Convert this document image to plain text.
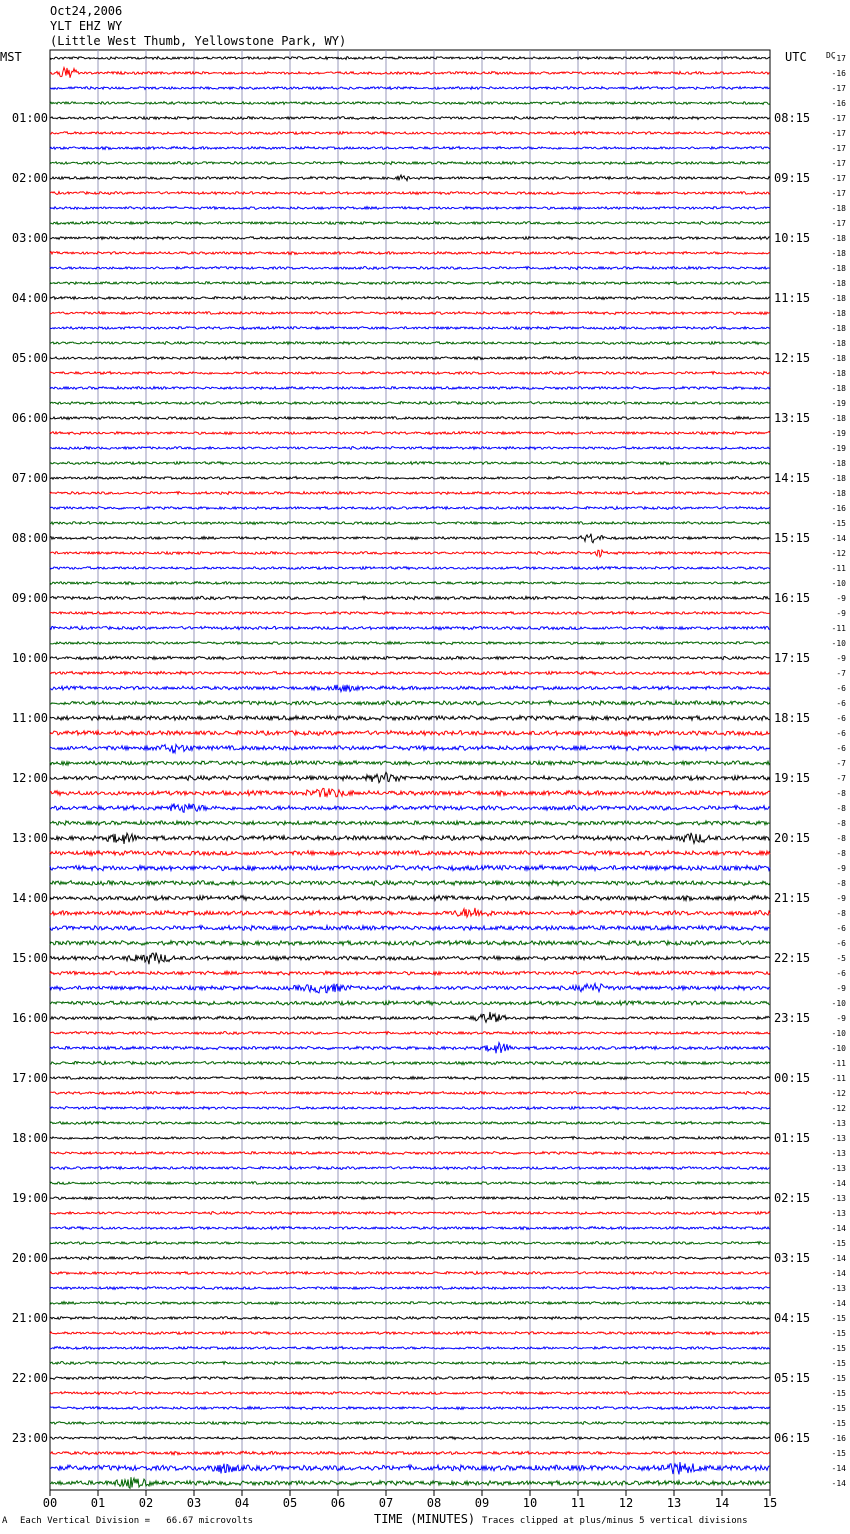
Oct24,2006
YLT EHZ WY
(Little West Thumb, Yellowstone Park, WY)
00	01	02	03	04	05	06	07	08	09	10	11	12	13	14	15
MST	UTC DC
01:00	08:15
02:00	09:15
03:00	10:15
04:00	11:15
05:00	12:15
06:00	13:15
07:00	14:15
08:00	15:15
09:00	16:15
10:00	17:15
11:00	18:15
12:00	19:15
13:00	20:15
14:00	21:15
15:00	22:15
16:00	23:15
17:00	00:15
18:00	01:15
19:00	02:15
20:00	03:15
21:00	04:15
22:00	05:15
23:00	06:15
-17
-16
-17
-16
-17
-17
-17
-17
-17
-17
-18
-17
-18
-18
-18
-18
-18
-18
-18
-18
-18
-18
-18
-19
-18
-19
-19
-18
-18
-18
-16
-15
-14
-12
-11
-10
-9
-9
-11
-10
-9
-7
-6
-6
-6
-6
-6
-7
-7
-8
-8
-8
-8
-8
-9
-8
-9
-8
-6
-6
-5
-6
-9
-10
-9
-10
-10
-11
-11
-12
-12
-13
-13
-13
-13
-14
-13
-13
-14
-15
-14
-14
-13
-14
-15
-15
-15
-15
-15
-15
-15
-15
-16
-15
-14
-14
TIME (MINUTES)
A Each Vertical Division =   66.67 microvolts	Traces clipped at plus/minus 5 vertical divisions
